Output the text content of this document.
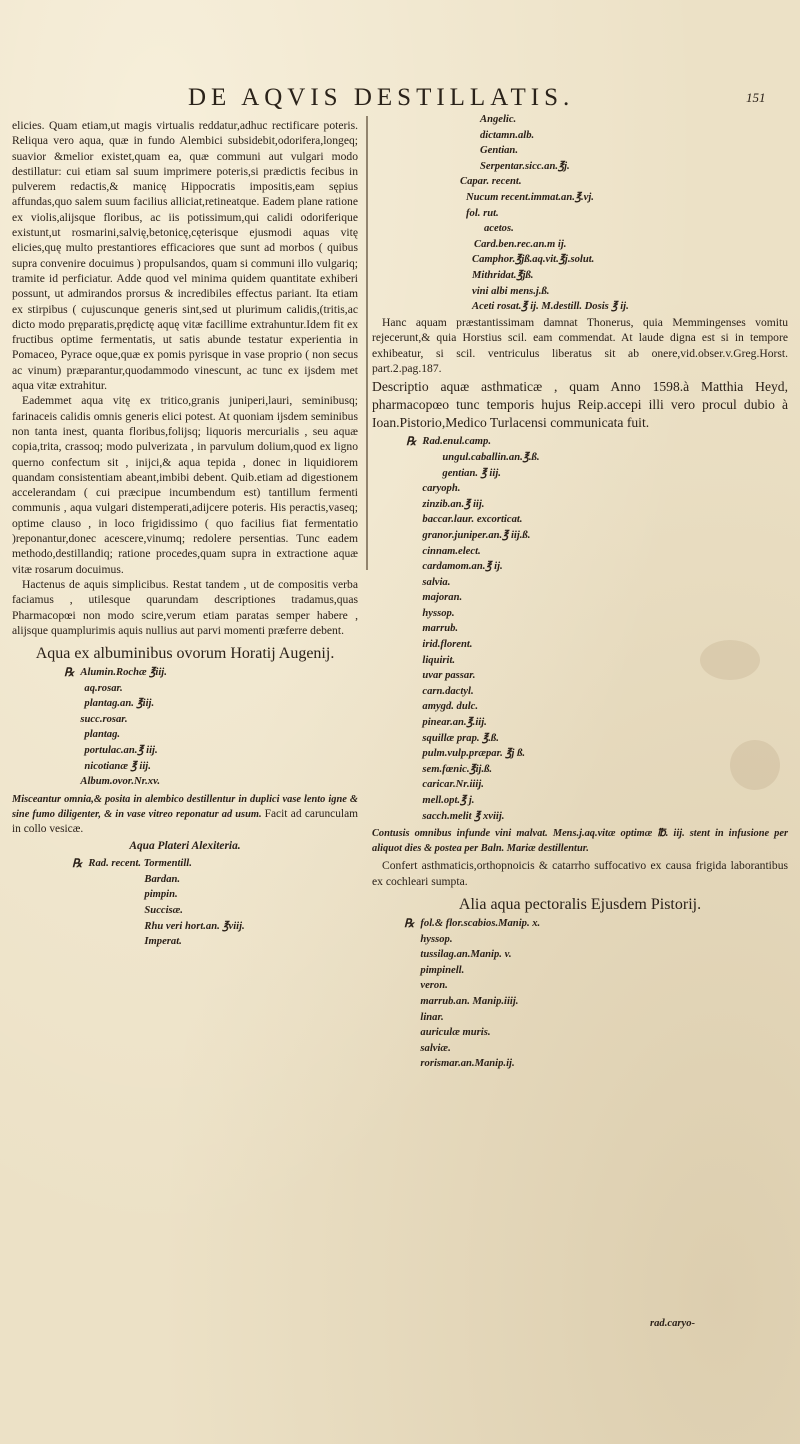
DE AQVIS DESTILLATIS.	151

elicies. Quam etiam,ut magis virtualis reddatur,adhuc rectificare poteris. Reliqua vero aqua, quæ in fundo Alembici subsidebit,odorifera,longeq; suavior &melior existet,quam ea, quæ communi aut vulgari modo destillatur: cui etiam sal suum imprimere poteris,si prædictis fecibus in pulverem redactis,& manicę Hippocratis impositis,eam sępius affundas,quo salem suum facilius alliciat,retineatque. Eadem plane ratione ex violis,alijsque floribus, ac iis potissimum,qui calidi odoriferique existunt,ut rosmarini,salvię,betonicę,cęterisque ejusmodi aquas vitę elicies,quę multo prestantiores efficaciores que sunt ad morbos ( quibus supra convenire docuimus ) propulsandos, quam si communi illo vulgariq; tramite id perficiatur. Adde quod vel minima quidem quantitate exhiberi possunt, ut admirandos prorsus & incredibiles effectus pariant. Ita etiam ex stirpibus ( cujuscunque generis sint,sed ut plurimum calidis,(tritis,ac dicto modo pręparatis,prędictę aquę vitæ facillime extrahuntur.Idem fit ex fructibus optime fermentatis, ut satis abunde testatur experientia in Pomaceo, Pyrace oque,quæ ex pomis pyrisque in vase proprio ( non secus ac vinum) præparantur,quodammodo vinescunt, ac tunc ex ijsdem met aqua vitæ extrahitur.

Eademmet aqua vitę ex tritico,granis juniperi,lauri, seminibusq; farinaceis calidis omnis generis elici potest. At quoniam ijsdem seminibus non tanta inest, quanta floribus,folijsq; liquoris mercurialis , seu aquæ copia,trita, crassoq; modo pulverizata , in parvulum dolium,quod ex ligno querno confectum sit , inijci,& aqua tepida , donec in liquidiorem quandam consistentiam abeant,imbibi debent. Quib.etiam ad digestionem accelerandam ( cui præcipue incumbendum est) tantillum fermenti communis , aqua vulgari distemperati,adijcere poteris. His peractis,vaseq; optime clauso , in loco frigidissimo ( quo facilius fiat fermentatio )reponantur,donec acescere,vinumq; redolere persentias. Tunc eadem methodo,destillandiq; ratione procedes,quam supra in extractione aquæ vitæ rosarum docuimus.

Hactenus de aquis simplicibus. Restat tandem , ut de compositis verba faciamus , utilesque quarundam descriptiones tradamus,quas Pharmacopœi non modo scire,verum etiam paratas semper habere , alijsque quamplurimis aquis nullius aut parvi momenti præferre debent.

Aqua ex albuminibus ovorum Horatij Augenij.
℞ Alumin.Rochæ ℥iij.
aq.rosar.
plantag.an. ℥iij.
succ.rosar.
plantag.
portulac.an.℥ iij.
nicotianæ ℥ iij.
Album.ovor.Nr.xv.
Misceantur omnia,& posita in alembico destillentur in duplici vase lento igne & sine fumo diligenter, & in vase vitreo reponatur ad usum. Facit ad carunculam in collo vesicæ.
Aqua Plateri Alexiteria.
℞ Rad. recent. Tormentill.
Bardan.
pimpin.
Succisæ.
Rhu veri hort.an. ℥viij.
Imperat.
Angelic.
dictamn.alb.
Gentian.
Serpentar.sicc.an.℥j.
Capar. recent.
Nucum recent.immat.an.℥.vj.
fol. rut.
acetos.
Card.ben.rec.an.m ij.
Camphor.℥jß.aq.vit.℥j.solut.
Mithridat.℥jß.
vini albi mens.j.ß.
Aceti rosat.℥ ij. M.destill. Dosis ℥ ij.

Hanc aquam præstantissimam damnat Thonerus, quia Memmingenses vomitu rejecerunt,& quia Horstius scil. eam commendat. At laude digna est si in tempore exhibeatur, si scil. ventriculus liberatus sit ab onere,vid.obser.v.Greg.Horst. part.2.pag.187.

Descriptio aquæ asthmaticæ , quam Anno 1598.à Matthia Heyd, pharmacopœo tunc temporis hujus Reip.accepi illi vero procul dubio à Ioan.Pistorio,Medico Turlacensi communicata fuit.

℞ Rad.enul.camp.
ungul.caballin.an.℥.ß.
gentian. ℥ iij.
caryoph.
zinzib.an.℥ iij.
baccar.laur. excorticat.
granor.juniper.an.℥ iij.ß.
cinnam.elect.
cardamom.an.℥ ij.
salvia.
majoran.
hyssop.
marrub.
irid.florent.
liquirit.
uvar passar.
carn.dactyl.
amygd. dulc.
pinear.an.℥.iij.
squillæ prap. ℥.ß.
pulm.vulp.præpar. ℥j ß.
sem.fœnic.℥ij.ß.
caricar.Nr.iiij.
mell.opt.℥ j.
sacch.melit ℥ xviij.

Contusis omnibus infunde vini malvat. Mens.j.aq.vitæ optimæ ℔. iij. stent in infusione per aliquot dies & postea per Baln. Mariæ destillentur.

Confert asthmaticis,orthopnoicis & catarrho suffocativo ex causa frigida laborantibus ex cochleari sumpta.

Alia aqua pectoralis Ejusdem Pistorij.
℞ fol.& flor.scabios.Manip. x.
hyssop.
tussilag.an.Manip. v.
pimpinell.
veron.
marrub.an. Manip.iiij.
linar.
auriculæ muris.
salviæ.
rorismar.an.Manip.ij.
rad.caryo-
